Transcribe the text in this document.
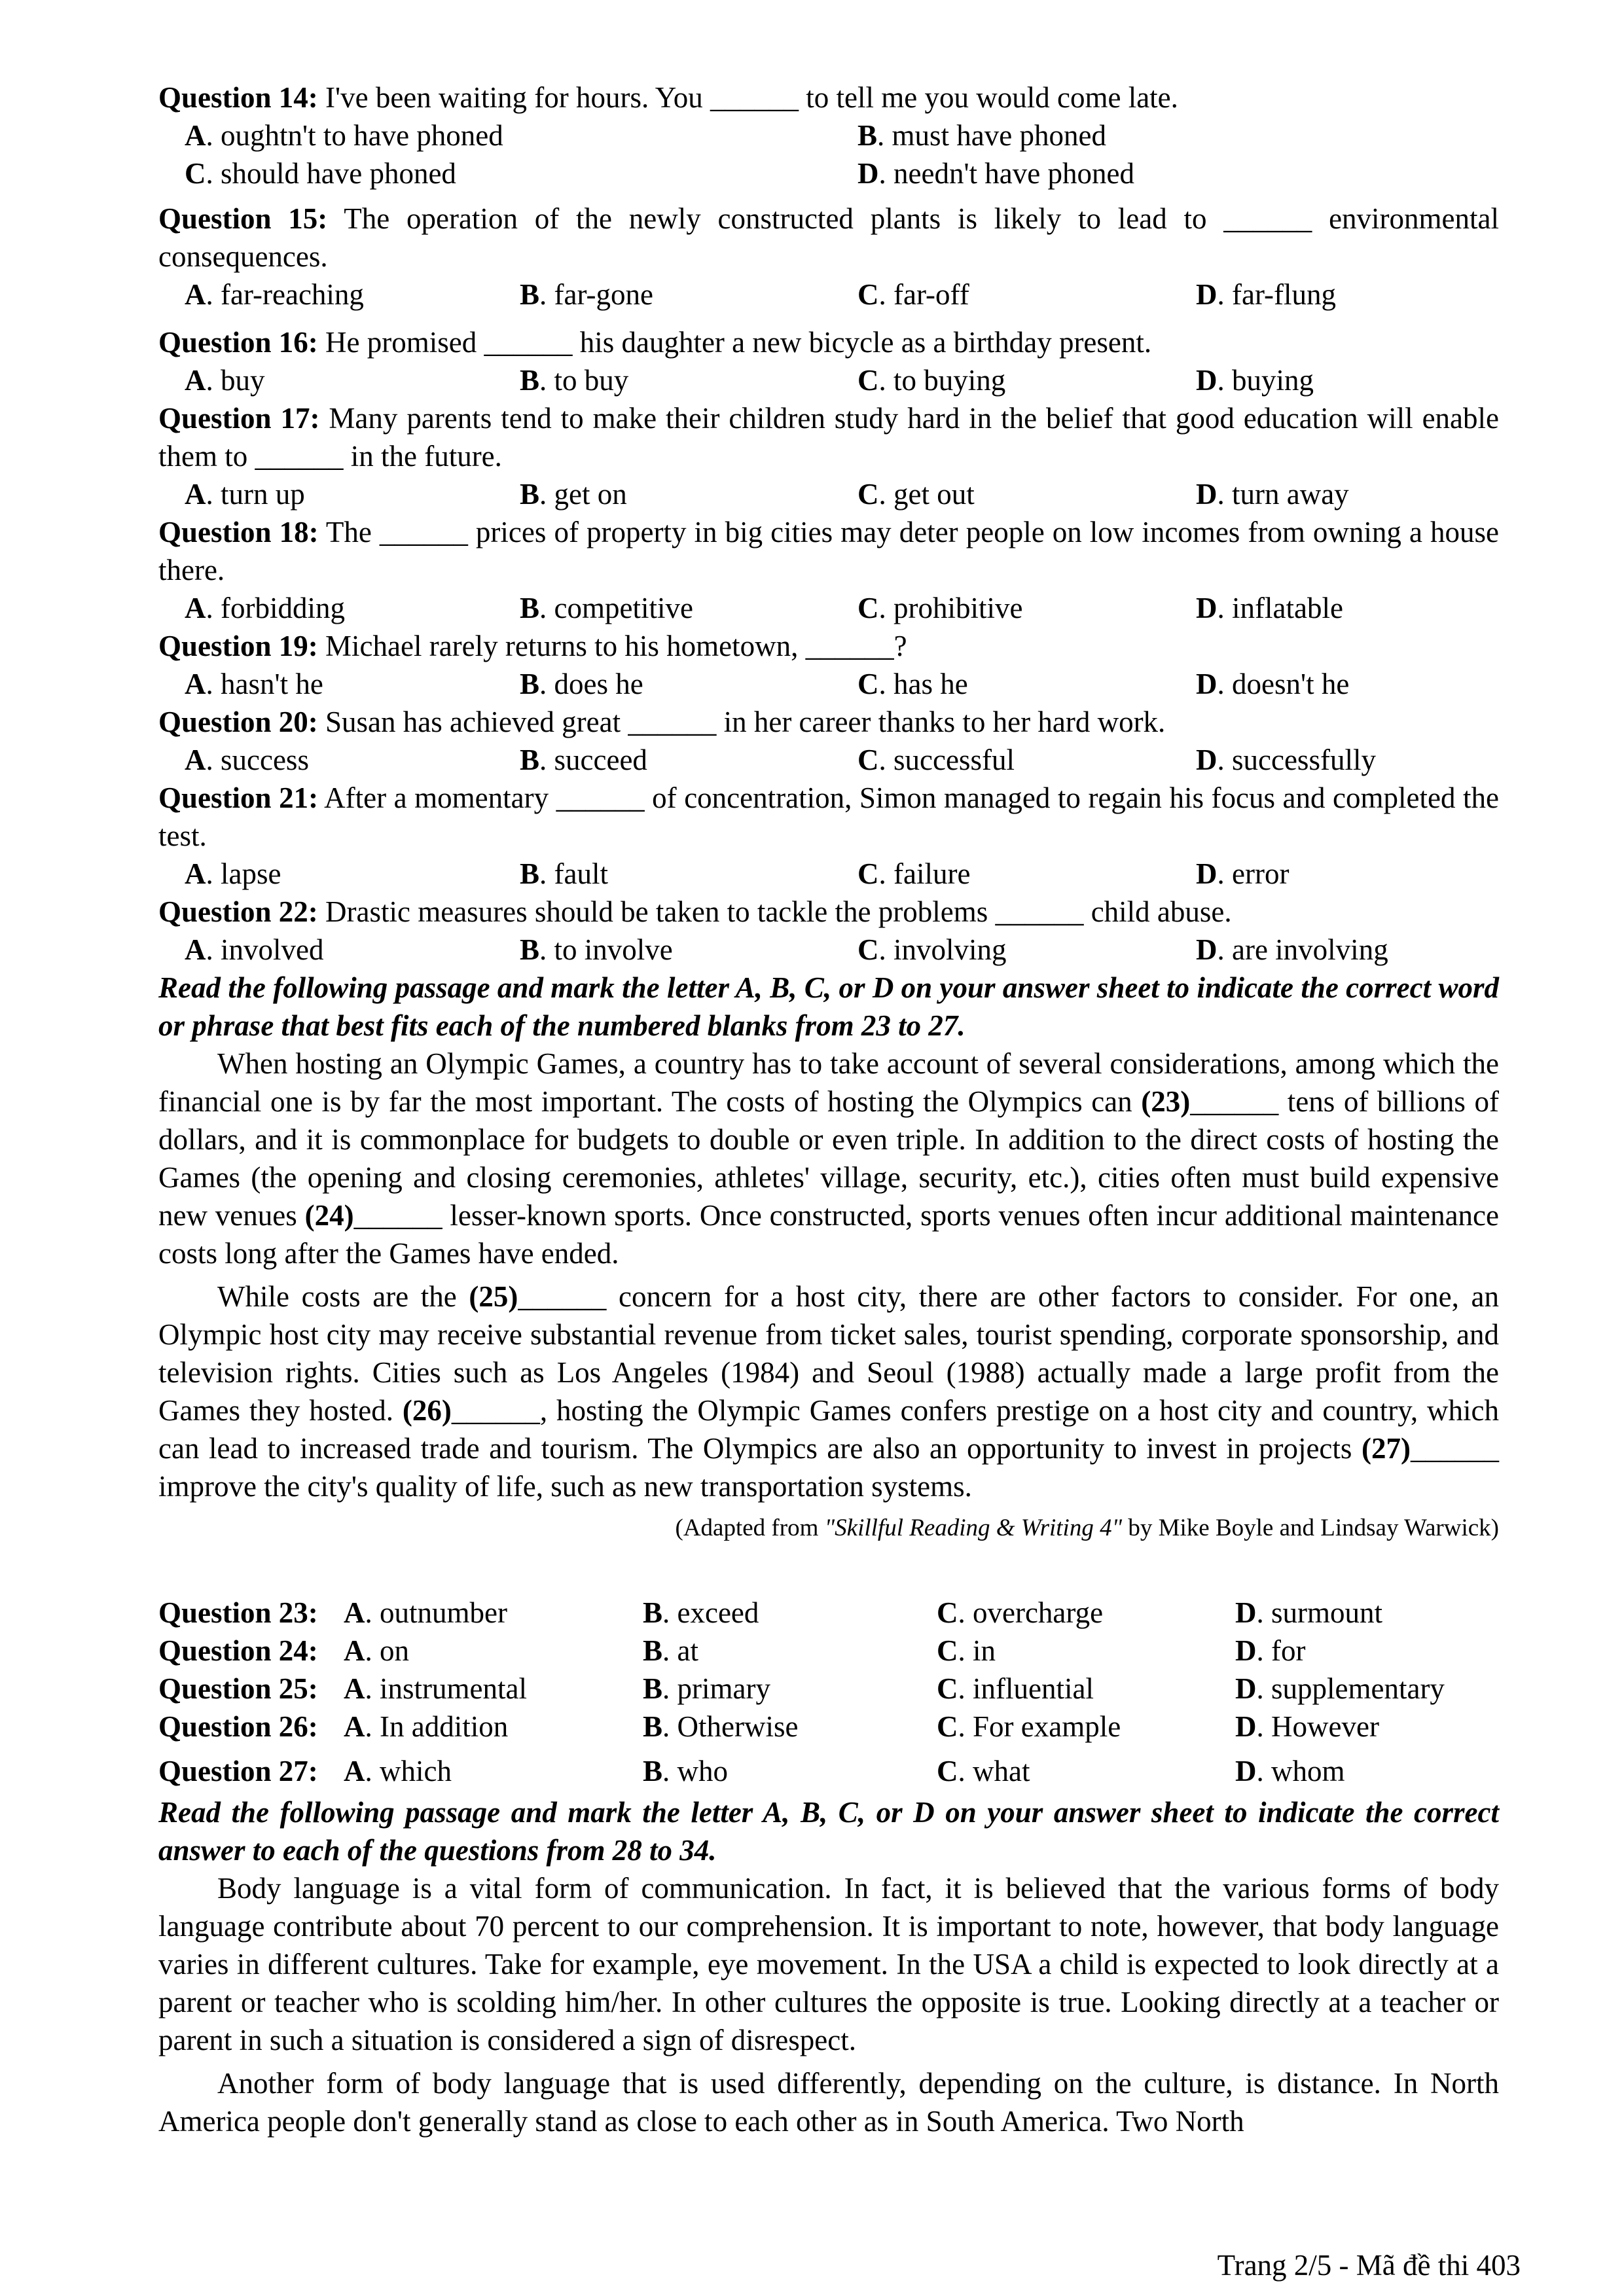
Question 14: I've been waiting for hours. You ______ to tell me you would come late.

A. oughtn't to have phoned	B. must have phoned
C. should have phoned	D. needn't have phoned

Question 15: The operation of the newly constructed plants is likely to lead to ______ environmental consequences.

A. far-reaching	B. far-gone	C. far-off	D. far-flung

Question 16: He promised ______ his daughter a new bicycle as a birthday present.

A. buy	B. to buy	C. to buying	D. buying

Question 17: Many parents tend to make their children study hard in the belief that good education will enable them to ______ in the future.

A. turn up	B. get on	C. get out	D. turn away

Question 18: The ______ prices of property in big cities may deter people on low incomes from owning a house there.

A. forbidding	B. competitive	C. prohibitive	D. inflatable

Question 19: Michael rarely returns to his hometown, ______?

A. hasn't he	B. does he	C. has he	D. doesn't he

Question 20: Susan has achieved great ______ in her career thanks to her hard work.

A. success	B. succeed	C. successful	D. successfully

Question 21: After a momentary ______ of concentration, Simon managed to regain his focus and completed the test.

A. lapse	B. fault	C. failure	D. error

Question 22: Drastic measures should be taken to tackle the problems ______ child abuse.

A. involved	B. to involve	C. involving	D. are involving

Read the following passage and mark the letter A, B, C, or D on your answer sheet to indicate the correct word or phrase that best fits each of the numbered blanks from 23 to 27.

When hosting an Olympic Games, a country has to take account of several considerations, among which the financial one is by far the most important. The costs of hosting the Olympics can (23)______ tens of billions of dollars, and it is commonplace for budgets to double or even triple. In addition to the direct costs of hosting the Games (the opening and closing ceremonies, athletes' village, security, etc.), cities often must build expensive new venues (24)______ lesser-known sports. Once constructed, sports venues often incur additional maintenance costs long after the Games have ended.

While costs are the (25)______ concern for a host city, there are other factors to consider. For one, an Olympic host city may receive substantial revenue from ticket sales, tourist spending, corporate sponsorship, and television rights. Cities such as Los Angeles (1984) and Seoul (1988) actually made a large profit from the Games they hosted. (26)______, hosting the Olympic Games confers prestige on a host city and country, which can lead to increased trade and tourism. The Olympics are also an opportunity to invest in projects (27)______ improve the city's quality of life, such as new transportation systems.

(Adapted from "Skillful Reading & Writing 4" by Mike Boyle and Lindsay Warwick)

Question 23: A. outnumber	B. exceed	C. overcharge	D. surmount
Question 24: A. on	B. at	C. in	D. for
Question 25: A. instrumental	B. primary	C. influential	D. supplementary
Question 26: A. In addition	B. Otherwise	C. For example	D. However
Question 27: A. which	B. who	C. what	D. whom

Read the following passage and mark the letter A, B, C, or D on your answer sheet to indicate the correct answer to each of the questions from 28 to 34.

Body language is a vital form of communication. In fact, it is believed that the various forms of body language contribute about 70 percent to our comprehension. It is important to note, however, that body language varies in different cultures. Take for example, eye movement. In the USA a child is expected to look directly at a parent or teacher who is scolding him/her. In other cultures the opposite is true. Looking directly at a teacher or parent in such a situation is considered a sign of disrespect.

Another form of body language that is used differently, depending on the culture, is distance. In North America people don't generally stand as close to each other as in South America. Two North

Trang 2/5 - Mã đề thi 403
